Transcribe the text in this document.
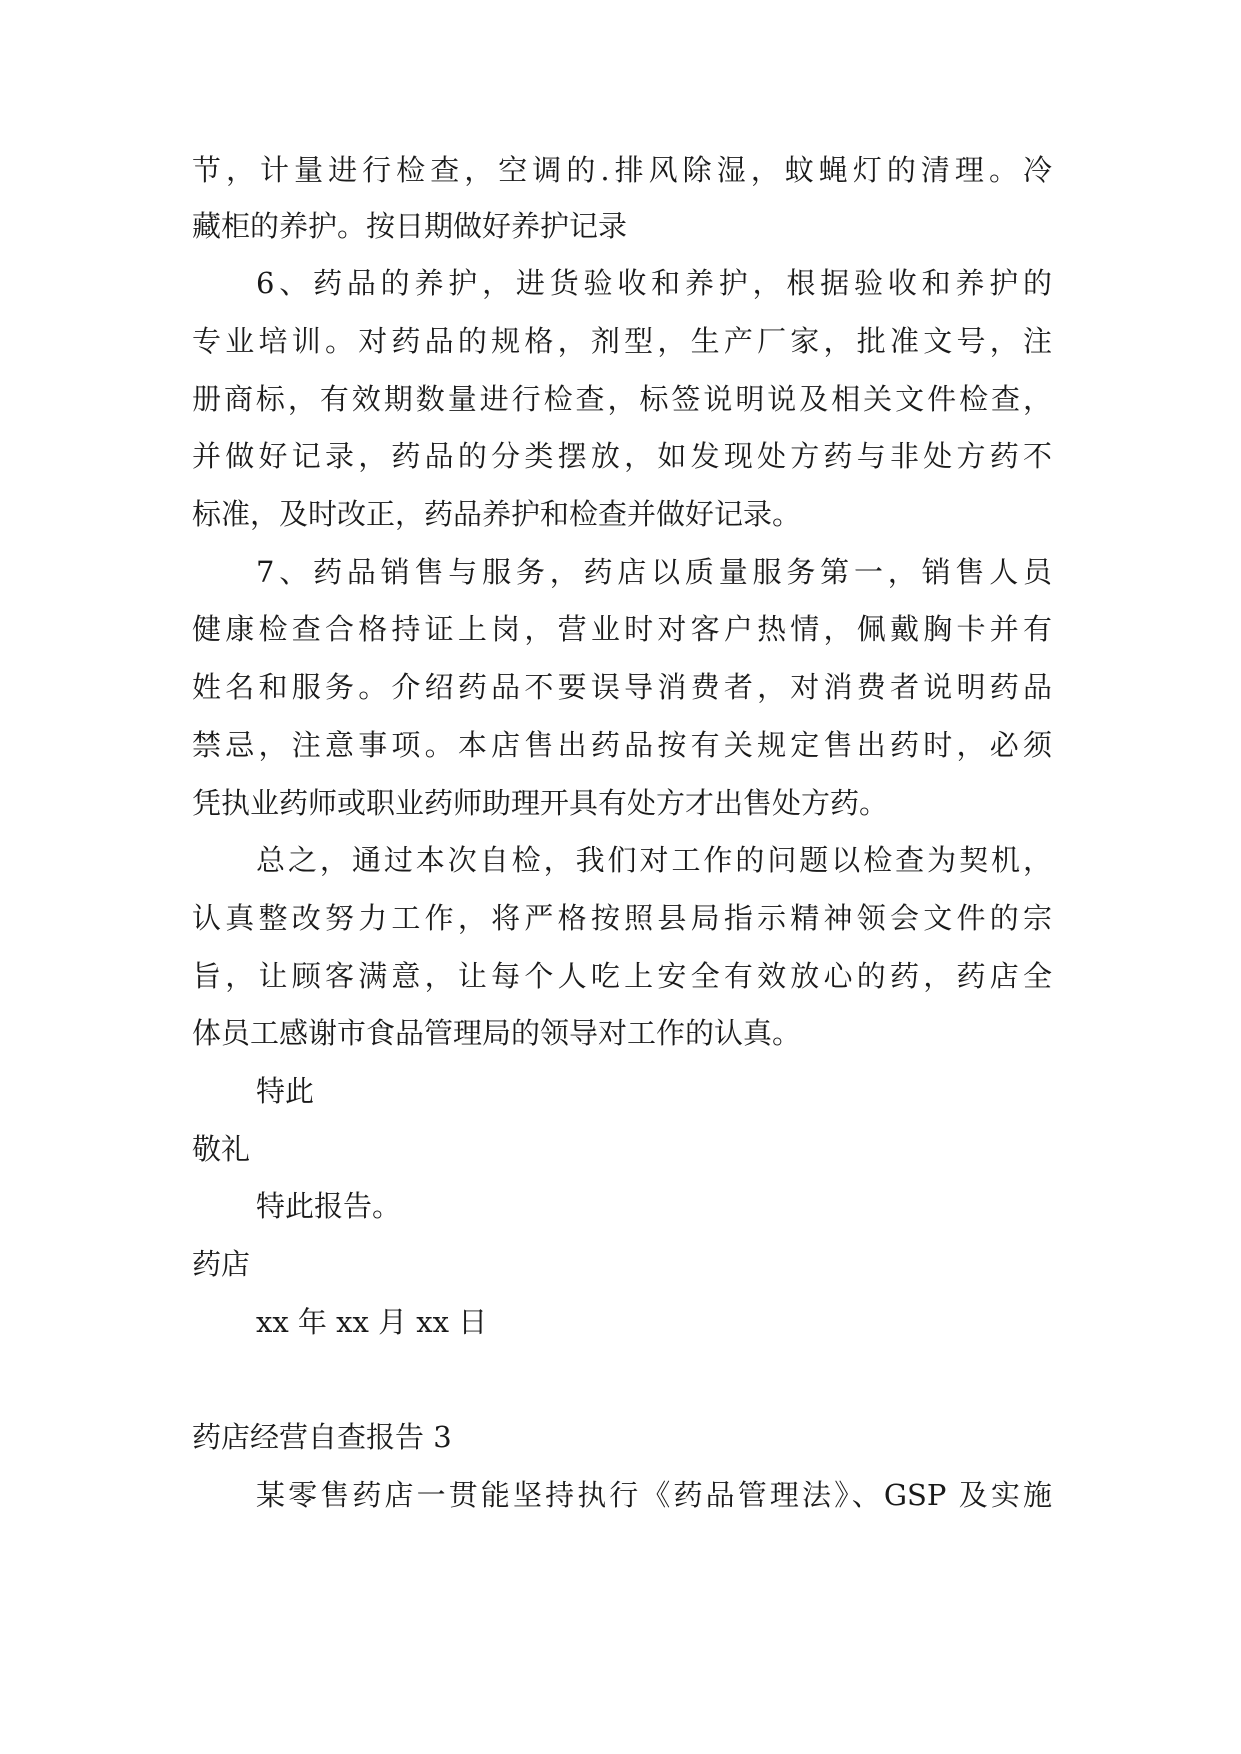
节，计量进行检查，空调的.排风除湿，蚊蝇灯的清理。冷
藏柜的养护。按日期做好养护记录
6、药品的养护，进货验收和养护，根据验收和养护的
专业培训。对药品的规格，剂型，生产厂家，批准文号，注
册商标，有效期数量进行检查，标签说明说及相关文件检查，
并做好记录，药品的分类摆放，如发现处方药与非处方药不
标准，及时改正，药品养护和检查并做好记录。
7、药品销售与服务，药店以质量服务第一，销售人员
健康检查合格持证上岗，营业时对客户热情，佩戴胸卡并有
姓名和服务。介绍药品不要误导消费者，对消费者说明药品
禁忌，注意事项。本店售出药品按有关规定售出药时，必须
凭执业药师或职业药师助理开具有处方才出售处方药。
总之，通过本次自检，我们对工作的问题以检查为契机，
认真整改努力工作，将严格按照县局指示精神领会文件的宗
旨，让顾客满意，让每个人吃上安全有效放心的药，药店全
体员工感谢市食品管理局的领导对工作的认真。
特此
敬礼
特此报告。
药店
xx 年 xx 月 xx 日
药店经营自查报告 3
某零售药店一贯能坚持执行《药品管理法》、GSP 及实施
